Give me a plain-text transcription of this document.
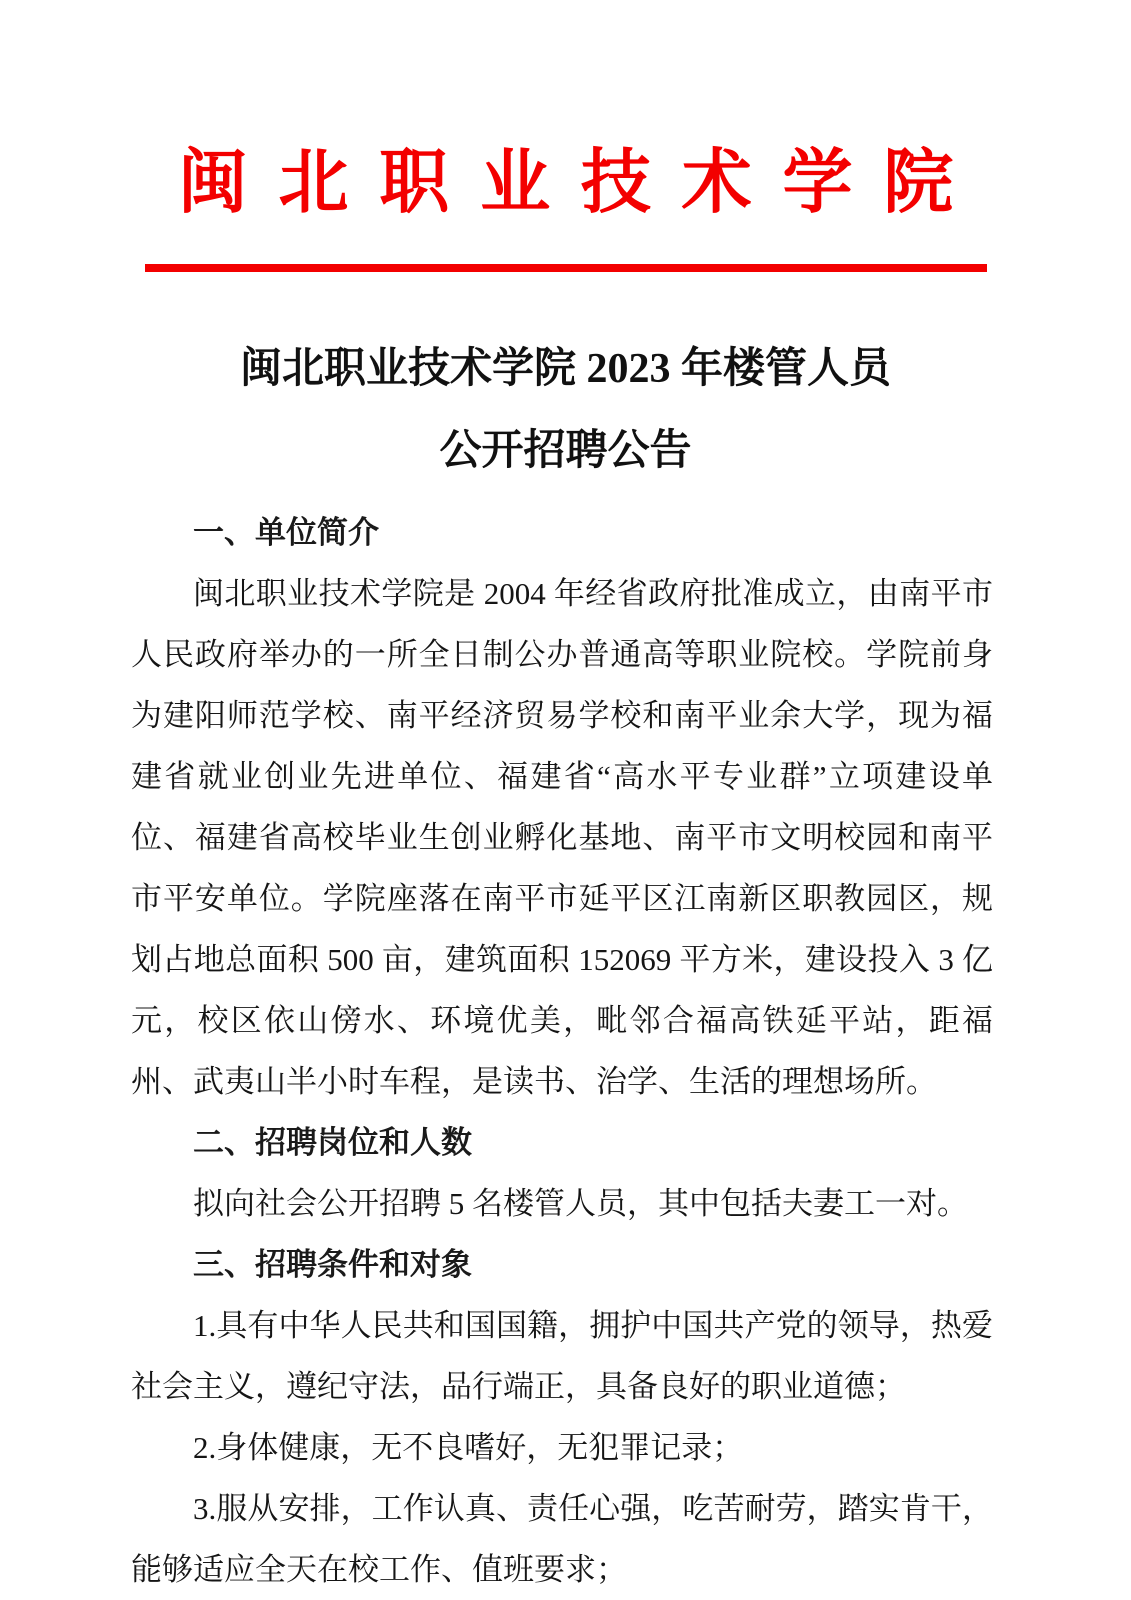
闽北职业技术学院
闽北职业技术学院 2023 年楼管人员
公开招聘公告
一、单位简介

闽北职业技术学院是 2004 年经省政府批准成立，由南平市人民政府举办的一所全日制公办普通高等职业院校。学院前身为建阳师范学校、南平经济贸易学校和南平业余大学，现为福建省就业创业先进单位、福建省“高水平专业群”立项建设单位、福建省高校毕业生创业孵化基地、南平市文明校园和南平市平安单位。学院座落在南平市延平区江南新区职教园区，规划占地总面积 500 亩，建筑面积 152069 平方米，建设投入 3 亿元，校区依山傍水、环境优美，毗邻合福高铁延平站，距福州、武夷山半小时车程，是读书、治学、生活的理想场所。

二、招聘岗位和人数

拟向社会公开招聘 5 名楼管人员，其中包括夫妻工一对。

三、招聘条件和对象

1.具有中华人民共和国国籍，拥护中国共产党的领导，热爱社会主义，遵纪守法，品行端正，具备良好的职业道德；

2.身体健康，无不良嗜好，无犯罪记录；

3.服从安排，工作认真、责任心强，吃苦耐劳，踏实肯干，能够适应全天在校工作、值班要求；
